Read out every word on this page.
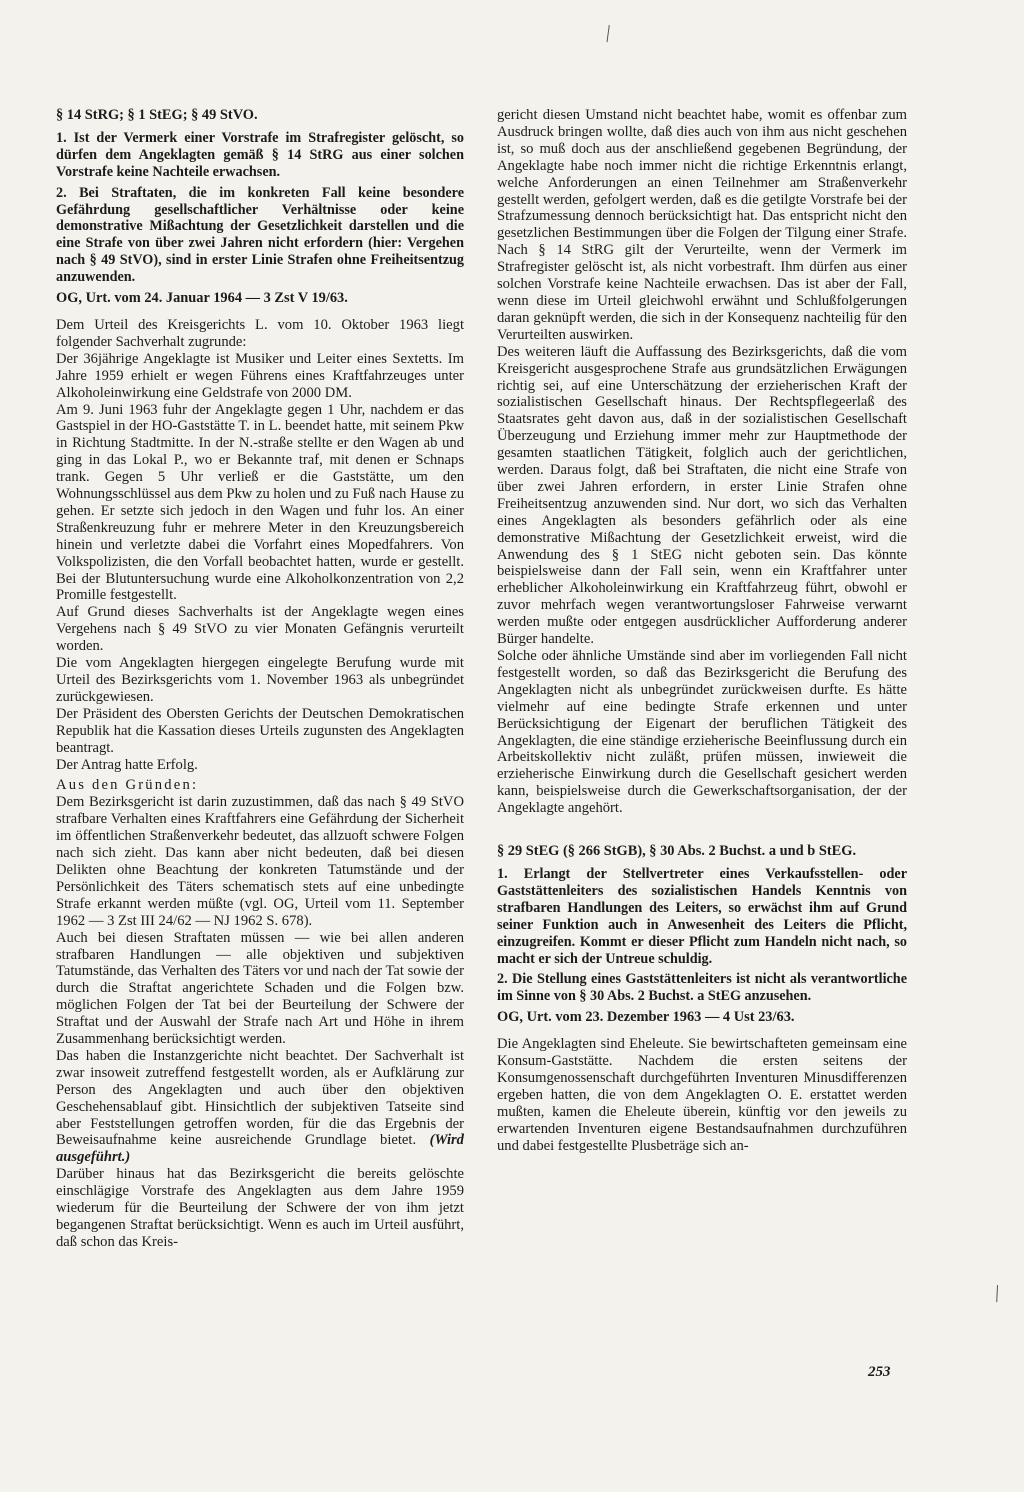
╲

§ 14 StRG; § 1 StEG; § 49 StVO.

1. Ist der Vermerk einer Vorstrafe im Strafregister gelöscht, so dürfen dem Angeklagten gemäß § 14 StRG aus einer solchen Vorstrafe keine Nachteile erwachsen.

2. Bei Straftaten, die im konkreten Fall keine besondere Gefährdung gesellschaftlicher Verhältnisse oder keine demonstrative Mißachtung der Gesetzlichkeit darstellen und die eine Strafe von über zwei Jahren nicht erfordern (hier: Vergehen nach § 49 StVO), sind in erster Linie Strafen ohne Freiheitsentzug anzuwenden.

OG, Urt. vom 24. Januar 1964 — 3 Zst V 19/63.

Dem Urteil des Kreisgerichts L. vom 10. Oktober 1963 liegt folgender Sachverhalt zugrunde:

Der 36jährige Angeklagte ist Musiker und Leiter eines Sextetts. Im Jahre 1959 erhielt er wegen Führens eines Kraftfahrzeuges unter Alkoholeinwirkung eine Geldstrafe von 2000 DM.

Am 9. Juni 1963 fuhr der Angeklagte gegen 1 Uhr, nachdem er das Gastspiel in der HO-Gaststätte T. in L. beendet hatte, mit seinem Pkw in Richtung Stadtmitte. In der N.-straße stellte er den Wagen ab und ging in das Lokal P., wo er Bekannte traf, mit denen er Schnaps trank. Gegen 5 Uhr verließ er die Gaststätte, um den Wohnungsschlüssel aus dem Pkw zu holen und zu Fuß nach Hause zu gehen. Er setzte sich jedoch in den Wagen und fuhr los. An einer Straßenkreuzung fuhr er mehrere Meter in den Kreuzungsbereich hinein und verletzte dabei die Vorfahrt eines Mopedfahrers. Von Volkspolizisten, die den Vorfall beobachtet hatten, wurde er gestellt. Bei der Blutuntersuchung wurde eine Alkoholkonzentration von 2,2 Promille festgestellt.

Auf Grund dieses Sachverhalts ist der Angeklagte wegen eines Vergehens nach § 49 StVO zu vier Monaten Gefängnis verurteilt worden.

Die vom Angeklagten hiergegen eingelegte Berufung wurde mit Urteil des Bezirksgerichts vom 1. November 1963 als unbegründet zurückgewiesen.

Der Präsident des Obersten Gerichts der Deutschen Demokratischen Republik hat die Kassation dieses Urteils zugunsten des Angeklagten beantragt.

Der Antrag hatte Erfolg.

Aus den Gründen:

Dem Bezirksgericht ist darin zuzustimmen, daß das nach § 49 StVO strafbare Verhalten eines Kraftfahrers eine Gefährdung der Sicherheit im öffentlichen Straßenverkehr bedeutet, das allzuoft schwere Folgen nach sich zieht. Das kann aber nicht bedeuten, daß bei diesen Delikten ohne Beachtung der konkreten Tatumstände und der Persönlichkeit des Täters schematisch stets auf eine unbedingte Strafe erkannt werden müßte (vgl. OG, Urteil vom 11. September 1962 — 3 Zst III 24/62 — NJ 1962 S. 678).

Auch bei diesen Straftaten müssen — wie bei allen anderen strafbaren Handlungen — alle objektiven und subjektiven Tatumstände, das Verhalten des Täters vor und nach der Tat sowie der durch die Straftat angerichtete Schaden und die Folgen bzw. möglichen Folgen der Tat bei der Beurteilung der Schwere der Straftat und der Auswahl der Strafe nach Art und Höhe in ihrem Zusammenhang berücksichtigt werden.

Das haben die Instanzgerichte nicht beachtet. Der Sachverhalt ist zwar insoweit zutreffend festgestellt worden, als er Aufklärung zur Person des Angeklagten und auch über den objektiven Geschehensablauf gibt. Hinsichtlich der subjektiven Tatseite sind aber Feststellungen getroffen worden, für die das Ergebnis der Beweisaufnahme keine ausreichende Grundlage bietet. (Wird ausgeführt.)

Darüber hinaus hat das Bezirksgericht die bereits gelöschte einschlägige Vorstrafe des Angeklagten aus dem Jahre 1959 wiederum für die Beurteilung der Schwere der von ihm jetzt begangenen Straftat berücksichtigt. Wenn es auch im Urteil ausführt, daß schon das Kreis-

gericht diesen Umstand nicht beachtet habe, womit es offenbar zum Ausdruck bringen wollte, daß dies auch von ihm aus nicht geschehen ist, so muß doch aus der anschließend gegebenen Begründung, der Angeklagte habe noch immer nicht die richtige Erkenntnis erlangt, welche Anforderungen an einen Teilnehmer am Straßenverkehr gestellt werden, gefolgert werden, daß es die getilgte Vorstrafe bei der Strafzumessung dennoch berücksichtigt hat. Das entspricht nicht den gesetzlichen Bestimmungen über die Folgen der Tilgung einer Strafe. Nach § 14 StRG gilt der Verurteilte, wenn der Vermerk im Strafregister gelöscht ist, als nicht vorbestraft. Ihm dürfen aus einer solchen Vorstrafe keine Nachteile erwachsen. Das ist aber der Fall, wenn diese im Urteil gleichwohl erwähnt und Schlußfolgerungen daran geknüpft werden, die sich in der Konsequenz nachteilig für den Verurteilten auswirken.

Des weiteren läuft die Auffassung des Bezirksgerichts, daß die vom Kreisgericht ausgesprochene Strafe aus grundsätzlichen Erwägungen richtig sei, auf eine Unterschätzung der erzieherischen Kraft der sozialistischen Gesellschaft hinaus. Der Rechtspflegeerlaß des Staatsrates geht davon aus, daß in der sozialistischen Gesellschaft Überzeugung und Erziehung immer mehr zur Hauptmethode der gesamten staatlichen Tätigkeit, folglich auch der gerichtlichen, werden. Daraus folgt, daß bei Straftaten, die nicht eine Strafe von über zwei Jahren erfordern, in erster Linie Strafen ohne Freiheitsentzug anzuwenden sind. Nur dort, wo sich das Verhalten eines Angeklagten als besonders gefährlich oder als eine demonstrative Mißachtung der Gesetzlichkeit erweist, wird die Anwendung des § 1 StEG nicht geboten sein. Das könnte beispielsweise dann der Fall sein, wenn ein Kraftfahrer unter erheblicher Alkoholeinwirkung ein Kraftfahrzeug führt, obwohl er zuvor mehrfach wegen verantwortungsloser Fahrweise verwarnt werden mußte oder entgegen ausdrücklicher Aufforderung anderer Bürger handelte.

Solche oder ähnliche Umstände sind aber im vorliegenden Fall nicht festgestellt worden, so daß das Bezirksgericht die Berufung des Angeklagten nicht als unbegründet zurückweisen durfte. Es hätte vielmehr auf eine bedingte Strafe erkennen und unter Berücksichtigung der Eigenart der beruflichen Tätigkeit des Angeklagten, die eine ständige erzieherische Beeinflussung durch ein Arbeitskollektiv nicht zuläßt, prüfen müssen, inwieweit die erzieherische Einwirkung durch die Gesellschaft gesichert werden kann, beispielsweise durch die Gewerkschaftsorganisation, der der Angeklagte angehört.

§ 29 StEG (§ 266 StGB), § 30 Abs. 2 Buchst. a und b StEG.

1. Erlangt der Stellvertreter eines Verkaufsstellen- oder Gaststättenleiters des sozialistischen Handels Kenntnis von strafbaren Handlungen des Leiters, so erwächst ihm auf Grund seiner Funktion auch in Anwesenheit des Leiters die Pflicht, einzugreifen. Kommt er dieser Pflicht zum Handeln nicht nach, so macht er sich der Untreue schuldig.

2. Die Stellung eines Gaststättenleiters ist nicht als verantwortliche im Sinne von § 30 Abs. 2 Buchst. a StEG anzusehen.

OG, Urt. vom 23. Dezember 1963 — 4 Ust 23/63.

Die Angeklagten sind Eheleute. Sie bewirtschafteten gemeinsam eine Konsum-Gaststätte. Nachdem die ersten seitens der Konsumgenossenschaft durchgeführten Inventuren Minusdifferenzen ergeben hatten, die von dem Angeklagten O. E. erstattet werden mußten, kamen die Eheleute überein, künftig vor den jeweils zu erwartenden Inventuren eigene Bestandsaufnahmen durchzuführen und dabei festgestellte Plusbeträge sich an-

╲
253
